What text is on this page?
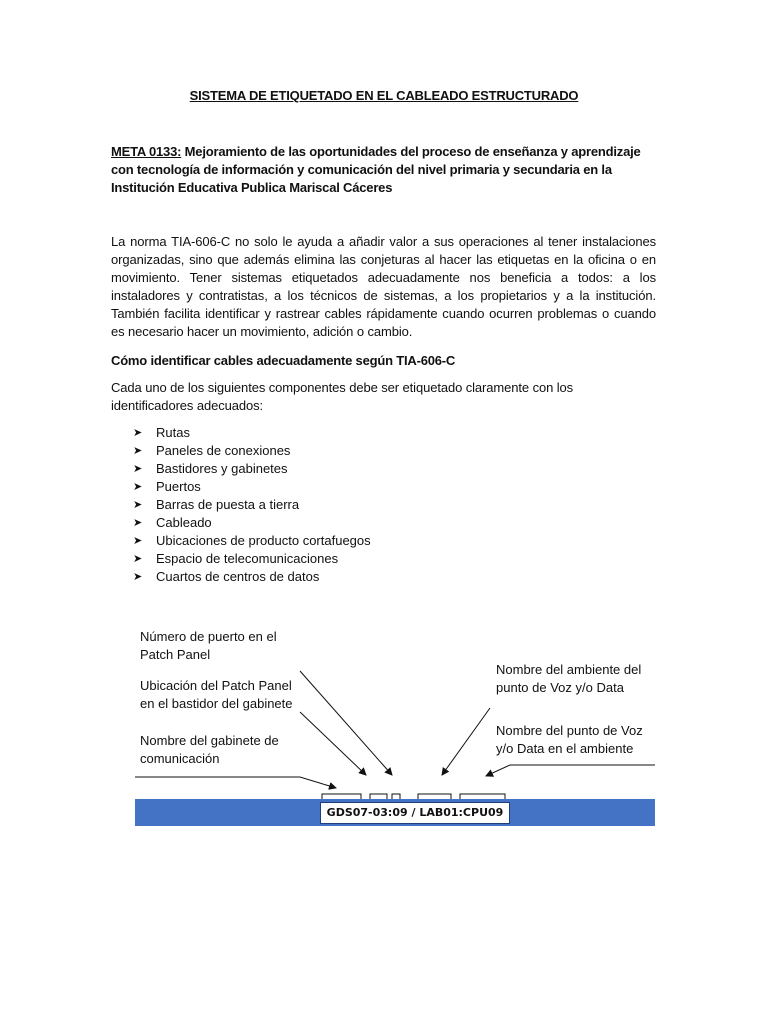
SISTEMA DE ETIQUETADO EN EL CABLEADO ESTRUCTURADO
META 0133: Mejoramiento de las oportunidades del proceso de enseñanza y aprendizaje con tecnología de información y comunicación del nivel primaria y secundaria en la Institución Educativa Publica Mariscal Cáceres
La norma TIA-606-C no solo le ayuda a añadir valor a sus operaciones al tener instalaciones organizadas, sino que además elimina las conjeturas al hacer las etiquetas en la oficina o en movimiento. Tener sistemas etiquetados adecuadamente nos beneficia a todos: a los instaladores y contratistas, a los técnicos de sistemas, a los propietarios y a la institución. También facilita identificar y rastrear cables rápidamente cuando ocurren problemas o cuando es necesario hacer un movimiento, adición o cambio.
Cómo identificar cables adecuadamente según TIA-606-C
Cada uno de los siguientes componentes debe ser etiquetado claramente con los identificadores adecuados:
➤ Rutas
➤ Paneles de conexiones
➤ Bastidores y gabinetes
➤ Puertos
➤ Barras de puesta a tierra
➤ Cableado
➤ Ubicaciones de producto cortafuegos
➤ Espacio de telecomunicaciones
➤ Cuartos de centros de datos
Número de puerto en el Patch Panel
Ubicación del Patch Panel en el bastidor del gabinete
Nombre del gabinete de comunicación
Nombre del ambiente del punto de Voz y/o Data
Nombre del punto de Voz y/o Data en el ambiente
GDS07-03:09 / LAB01:CPU09
